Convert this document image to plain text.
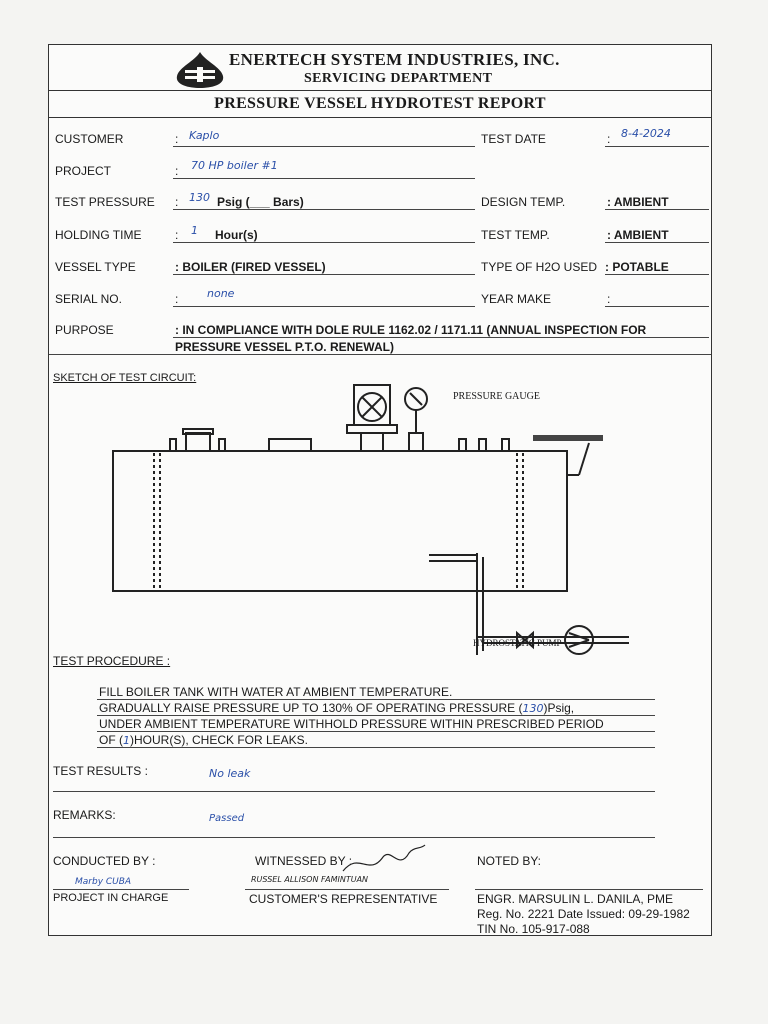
ENERTECH SYSTEM INDUSTRIES, INC.
SERVICING DEPARTMENT
PRESSURE VESSEL HYDROTEST REPORT
CUSTOMER	: Kaplo	TEST DATE	: 8-4-2024
PROJECT	: 70 HP boiler #1
TEST PRESSURE : 130 Psig (___ Bars)	DESIGN TEMP.	: AMBIENT
HOLDING TIME	: 1 Hour(s)	TEST TEMP.	: AMBIENT
VESSEL TYPE	: BOILER (FIRED VESSEL)	TYPE OF H2O USED : POTABLE
SERIAL NO.	:	none	YEAR MAKE	:
PURPOSE	: IN COMPLIANCE WITH DOLE RULE 1162.02 / 1171.11 (ANNUAL INSPECTION FOR
PRESSURE VESSEL P.T.O. RENEWAL)
SKETCH OF TEST CIRCUIT:
PRESSURE GAUGE
HYDROSTATIC PUMP
TEST PROCEDURE :
FILL BOILER TANK WITH WATER AT AMBIENT TEMPERATURE.
GRADUALLY RAISE PRESSURE UP TO 130% OF OPERATING PRESSURE (130)Psig,
UNDER AMBIENT TEMPERATURE WITHHOLD PRESSURE WITHIN PRESCRIBED PERIOD
OF (1)HOUR(S), CHECK FOR LEAKS.
TEST RESULTS :	No leak
REMARKS:	Passed
CONDUCTED BY :
Marby CUBA
PROJECT IN CHARGE
WITNESSED BY :
RUSSEL ALLISON FAMINTUAN
CUSTOMER'S REPRESENTATIVE
NOTED BY:
ENGR. MARSULIN L. DANILA, PME
Reg. No. 2221 Date Issued: 09-29-1982
TIN No. 105-917-088
